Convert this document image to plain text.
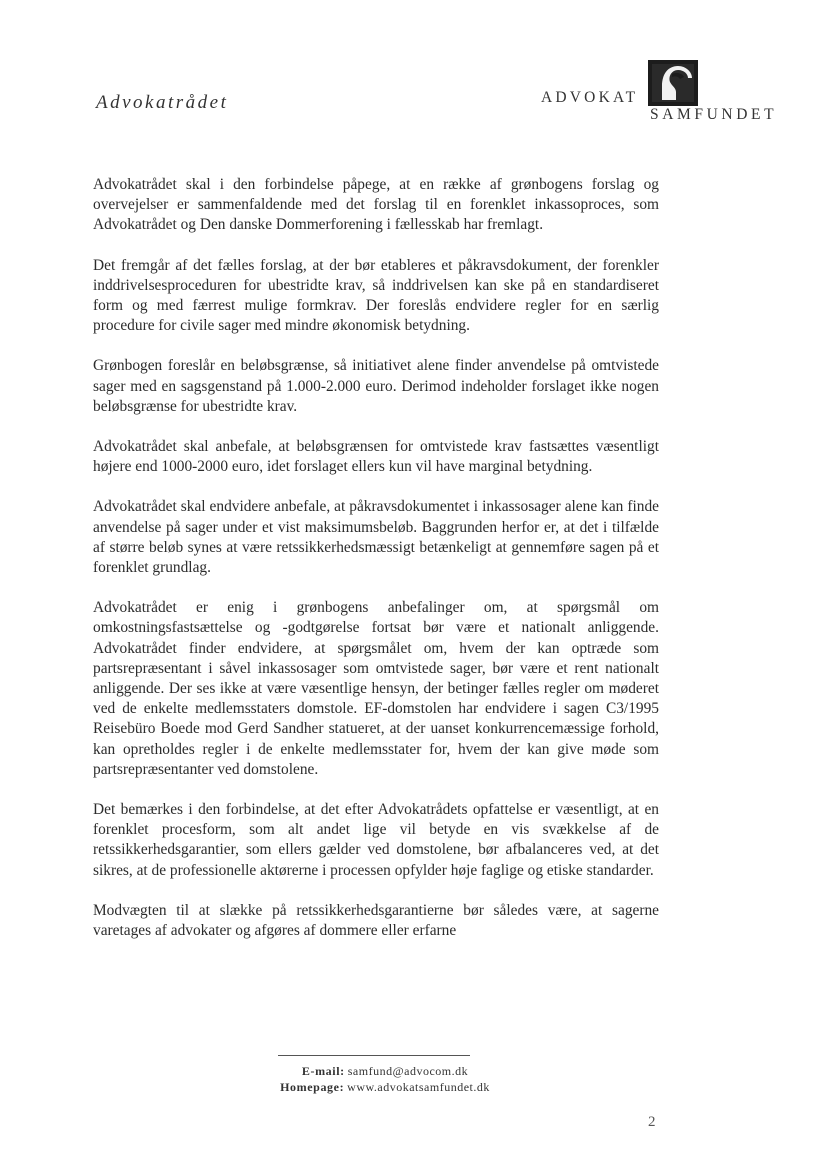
Advokatrådet	ADVOKAT
SAMFUNDET

Advokatrådet skal i den forbindelse påpege, at en række af grønbogens forslag og overvejelser er sammenfaldende med det forslag til en forenklet inkassoproces, som Advokatrådet og Den danske Dommerforening i fællesskab har fremlagt.

Det fremgår af det fælles forslag, at der bør etableres et påkravsdokument, der forenkler inddrivelsesproceduren for ubestridte krav, så inddrivelsen kan ske på en standardiseret form og med færrest mulige formkrav. Der foreslås endvidere regler for en særlig procedure for civile sager med mindre økonomisk betydning.

Grønbogen foreslår en beløbsgrænse, så initiativet alene finder anvendelse på omtvistede sager med en sagsgenstand på 1.000-2.000 euro. Derimod indeholder forslaget ikke nogen beløbsgrænse for ubestridte krav.

Advokatrådet skal anbefale, at beløbsgrænsen for omtvistede krav fastsættes væsentligt højere end 1000-2000 euro, idet forslaget ellers kun vil have marginal betydning.

Advokatrådet skal endvidere anbefale, at påkravsdokumentet i inkassosager alene kan finde anvendelse på sager under et vist maksimumsbeløb. Baggrunden herfor er, at det i tilfælde af større beløb synes at være retssikkerhedsmæssigt betænkeligt at gennemføre sagen på et forenklet grundlag.

Advokatrådet er enig i grønbogens anbefalinger om, at spørgsmål om omkostningsfastsættelse og -godtgørelse fortsat bør være et nationalt anliggende. Advokatrådet finder endvidere, at spørgsmålet om, hvem der kan optræde som partsrepræsentant i såvel inkassosager som omtvistede sager, bør være et rent nationalt anliggende. Der ses ikke at være væsentlige hensyn, der betinger fælles regler om møderet ved de enkelte medlemsstaters domstole. EF-domstolen har endvidere i sagen C3/1995 Reisebüro Boede mod Gerd Sandher statueret, at der uanset konkurrencemæssige forhold, kan opretholdes regler i de enkelte medlemsstater for, hvem der kan give møde som partsrepræsentanter ved domstolene.

Det bemærkes i den forbindelse, at det efter Advokatrådets opfattelse er væsentligt, at en forenklet procesform, som alt andet lige vil betyde en vis svækkelse af de retssikkerhedsgarantier, som ellers gælder ved domstolene, bør afbalanceres ved, at det sikres, at de professionelle aktørerne i processen opfylder høje faglige og etiske standarder.

Modvægten til at slække på retssikkerhedsgarantierne bør således være, at sagerne varetages af advokater og afgøres af dommere eller erfarne

E-mail: samfund@advocom.dk
Homepage: www.advokatsamfundet.dk
2
